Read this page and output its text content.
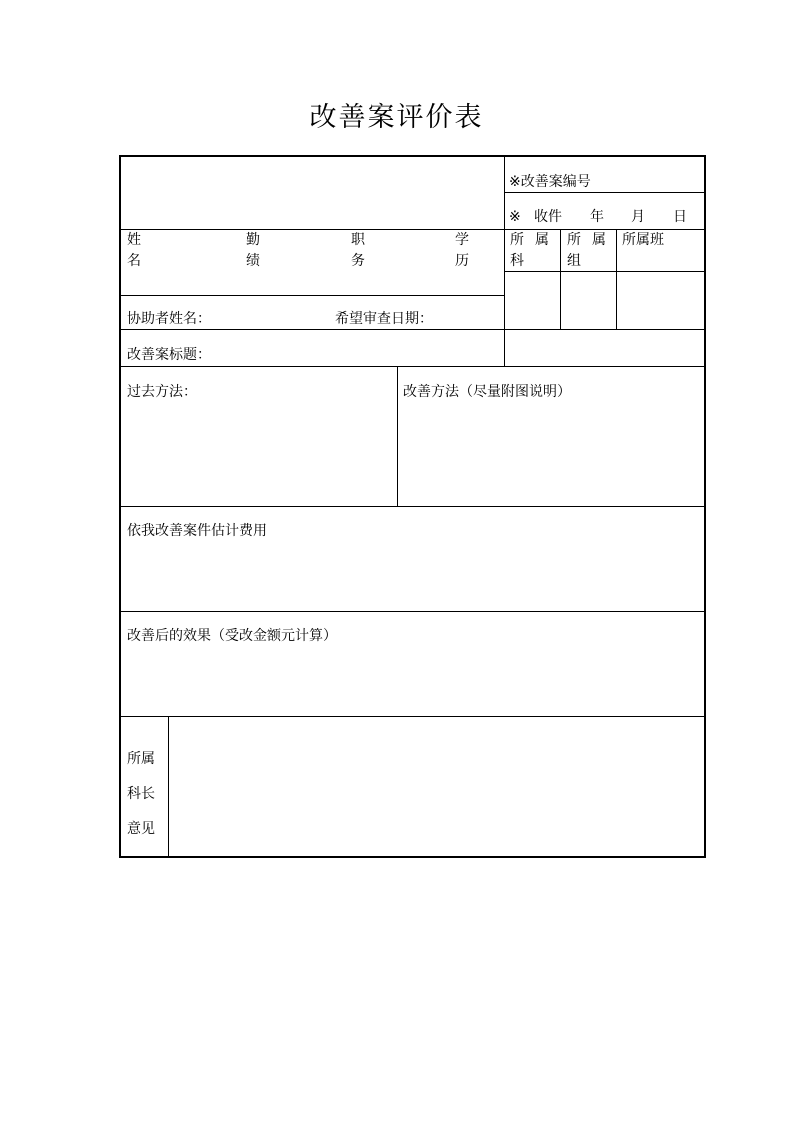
改善案评价表
※改善案编号
※ 收件 年 月 日
姓
名
勤
绩
职
务
学
历
所 属
科
所 属
组
所属班
协助者姓名：	希望审查日期：
改善案标题：
过去方法：	改善方法（尽量附图说明）
依我改善案件估计费用
改善后的效果（受改金额元计算）
所属
科长
意见
